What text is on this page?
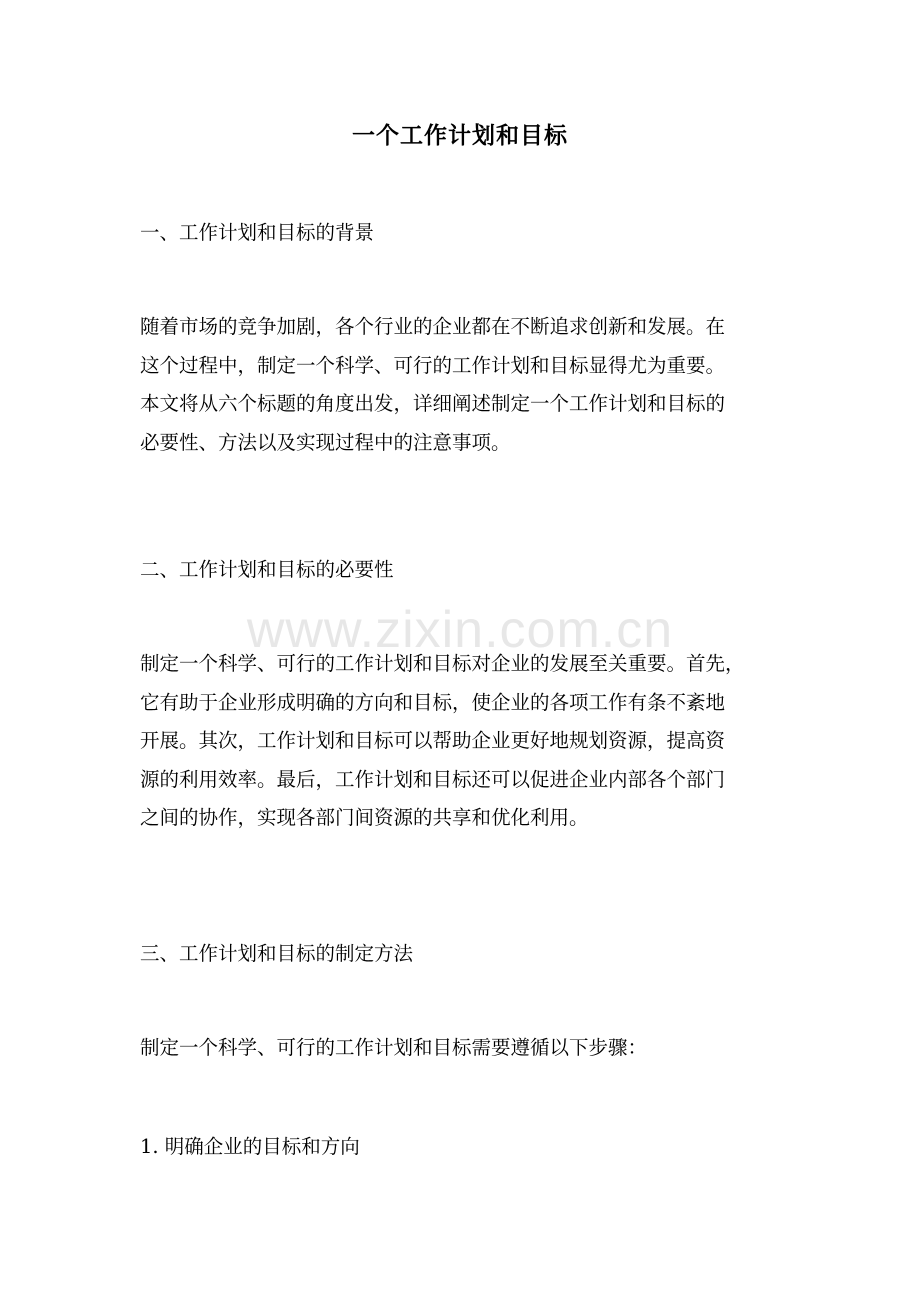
一个工作计划和目标
一、工作计划和目标的背景
随着市场的竞争加剧，各个行业的企业都在不断追求创新和发展。在
这个过程中，制定一个科学、可行的工作计划和目标显得尤为重要。
本文将从六个标题的角度出发，详细阐述制定一个工作计划和目标的
必要性、方法以及实现过程中的注意事项。
二、工作计划和目标的必要性
制定一个科学、可行的工作计划和目标对企业的发展至关重要。首先，
它有助于企业形成明确的方向和目标，使企业的各项工作有条不紊地
开展。其次，工作计划和目标可以帮助企业更好地规划资源，提高资
源的利用效率。最后，工作计划和目标还可以促进企业内部各个部门
之间的协作，实现各部门间资源的共享和优化利用。
三、工作计划和目标的制定方法
制定一个科学、可行的工作计划和目标需要遵循以下步骤：
1. 明确企业的目标和方向
www.zixin.com.cn
